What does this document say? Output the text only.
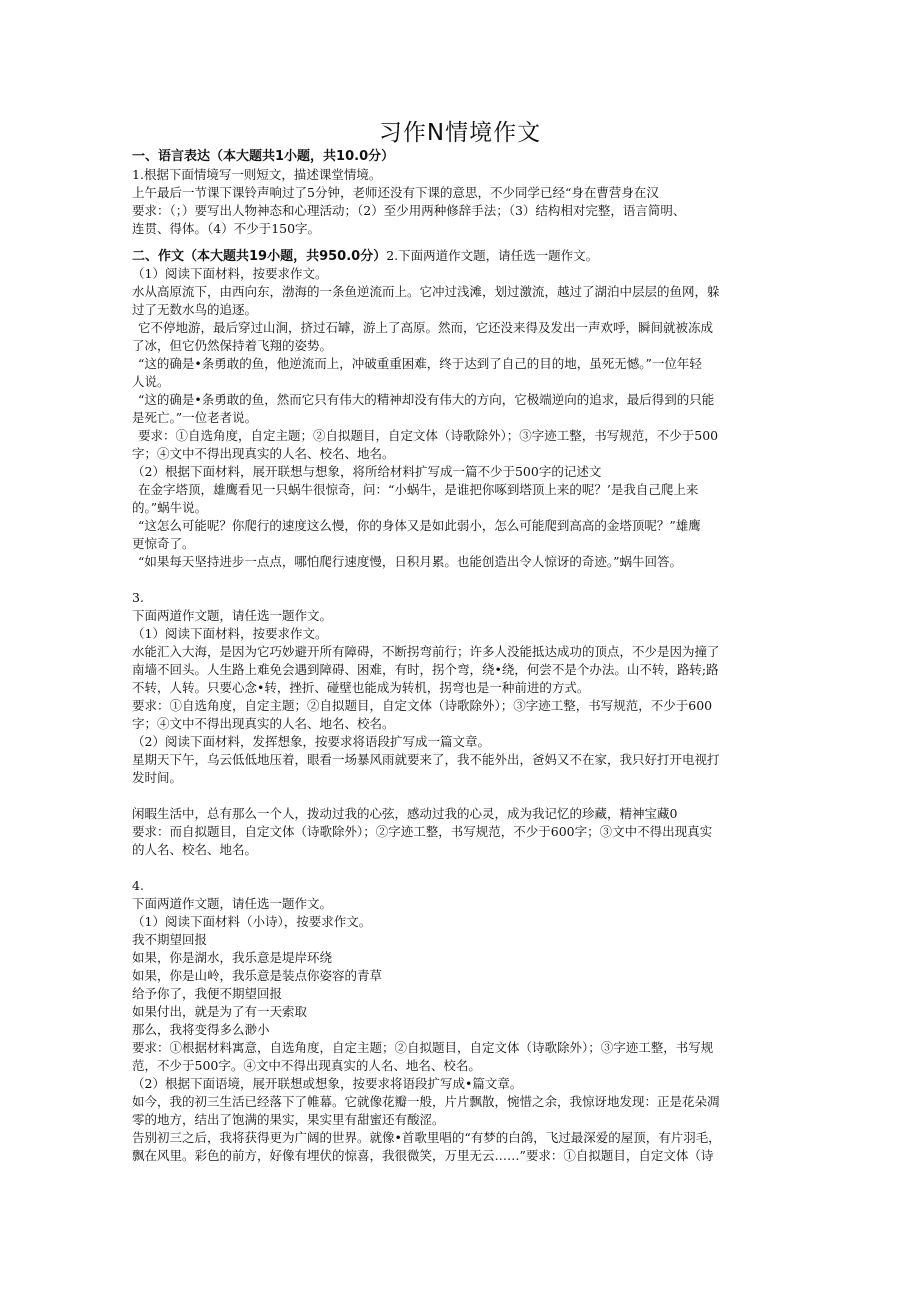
习作N情境作文
一、语言表达（本大题共1小题，共10.0分）
1.根据下面情境写一则短文，描述课堂情境。
上午最后一节课下课铃声响过了5分钟，老师还没有下课的意思，不少同学已经“身在曹营身在汉
要求：（；）要写出人物神态和心理活动；（2）至少用两种修辞手法；（3）结构相对完整，语言简明、
连贯、得体。（4）不少于150字。
二、作文（本大题共19小题，共950.0分）2.下面两道作文题，请任选一题作文。
（1）阅读下面材料，按要求作文。
水从高原流下，由西向东，渤海的一条鱼逆流而上。它冲过浅滩，划过激流，越过了湖泊中层层的鱼网，躲
过了无数水鸟的追逐。
它不停地游，最后穿过山涧，挤过石罅，游上了高原。然而，它还没来得及发出一声欢呼，瞬间就被冻成
了冰，但它仍然保持着飞翔的姿势。
“这的确是•条勇敢的鱼，他逆流而上，冲破重重困难，终于达到了自己的目的地，虽死无憾。”一位年轻
人说。
“这的确是•条勇敢的鱼，然而它只有伟大的精神却没有伟大的方向，它极端逆向的追求，最后得到的只能
是死亡。”一位老者说。
要求：①自选角度，自定主题；②自拟题目，自定文体（诗歌除外）；③字迹工整，书写规范，不少于500
字；④文中不得出现真实的人名、校名、地名。
（2）根据下面材料，展开联想与想象，将所给材料扩写成一篇不少于500字的记述文
在金字塔顶，雄鹰看见一只蜗牛很惊奇，问：“小蜗牛，是谁把你啄到塔顶上来的呢？’是我自己爬上来
的。”蜗牛说。
“这怎么可能呢？你爬行的速度这么慢，你的身体又是如此弱小，怎么可能爬到高高的金塔顶呢？”雄鹰
更惊奇了。
“如果每天坚持进步一点点，哪怕爬行速度慢，日积月累。也能创造出令人惊讶的奇迹。”蜗牛回答。
3.
下面两道作文题，请任选一题作文。
（1）阅读下面材料，按要求作文。
水能汇入大海，是因为它巧妙避开所有障碍，不断拐弯前行；许多人没能抵达成功的顶点，不少是因为撞了
南墙不回头。人生路上难免会遇到障碍、困难，有时，拐个弯，绕•绕，何尝不是个办法。山不转，路转;路
不转，人转。只要心念•转，挫折、碰壁也能成为转机，拐弯也是一种前进的方式。
要求：①自选角度，自定主题；②自拟题目，自定文体（诗歌除外）；③字迹工整，书写规范，不少于600
字；④文中不得出现真实的人名、地名、校名。
（2）阅读下面材料，发挥想象，按要求将语段扩写成一篇文章。
星期天下午，乌云低低地压着，眼看一场暴风雨就要来了，我不能外出，爸妈又不在家，我只好打开电视打
发时间。
闲暇生活中，总有那么一个人，拨动过我的心弦，感动过我的心灵，成为我记忆的珍藏，精神宝藏0
要求：而自拟题目，自定文体（诗歌除外）；②字迹工整，书写规范，不少于600字；③文中不得出现真实
的人名、校名、地名。
4.
下面两道作文题，请任选一题作文。
（1）阅读下面材料（小诗），按要求作文。
我不期望回报
如果，你是湖水，我乐意是堤岸环绕
如果，你是山岭，我乐意是装点你姿容的青草
给予你了，我便不期望回报
如果付出，就是为了有一天索取
那么，我将变得多么渺小
要求：①根据材料寓意，自选角度，自定主题；②自拟题目，自定文体（诗歌除外）；③字迹工整，书写规
范，不少于500字。④文中不得出现真实的人名、地名、校名。
（2）根据下面语境，展开联想或想象，按要求将语段扩写成•篇文章。
如今，我的初三生活已经落下了帷幕。它就像花瓣一般，片片飘散，惋惜之余，我惊讶地发现：正是花朵凋
零的地方，结出了饱满的果实，果实里有甜蜜还有酸涩。
告别初三之后，我将获得更为广阔的世界。就像•首歌里唱的“有梦的白鸽，飞过最深爱的屋顶，有片羽毛，
飘在风里。彩色的前方，好像有埋伏的惊喜，我很微笑，万里无云……”要求：①自拟题目，自定文体（诗
